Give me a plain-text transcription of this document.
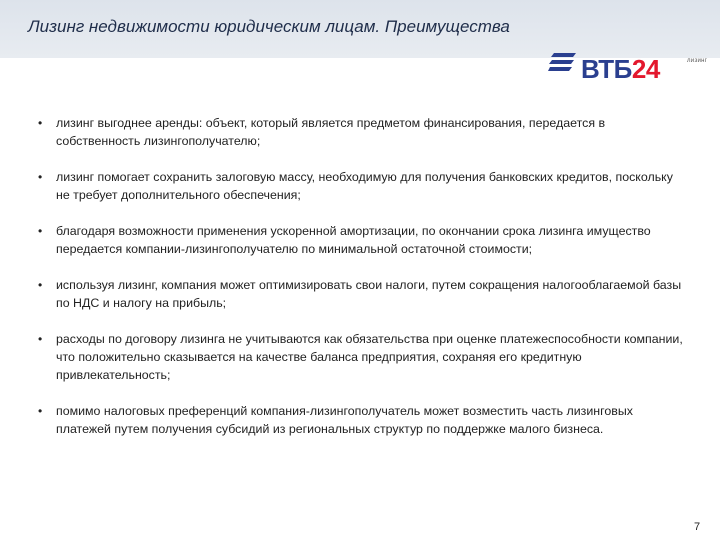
Лизинг недвижимости юридическим лицам. Преимущества
ВТБ24	лизинг
• лизинг выгоднее аренды: объект, который является предметом финансирования, передается в собственность лизингополучателю;
• лизинг помогает сохранить залоговую массу, необходимую для получения банковских кредитов, поскольку не требует дополнительного обеспечения;
• благодаря возможности применения ускоренной амортизации, по окончании срока лизинга имущество передается компании-лизингополучателю по минимальной остаточной стоимости;
• используя лизинг, компания может оптимизировать свои налоги, путем сокращения налогооблагаемой базы по НДС и налогу на прибыль;
• расходы по договору лизинга не учитываются как обязательства при оценке платежеспособности компании, что положительно сказывается на качестве баланса предприятия, сохраняя его кредитную привлекательность;
• помимо налоговых преференций компания-лизингополучатель может возместить часть лизинговых платежей путем получения субсидий из региональных структур по поддержке малого бизнеса.
7
